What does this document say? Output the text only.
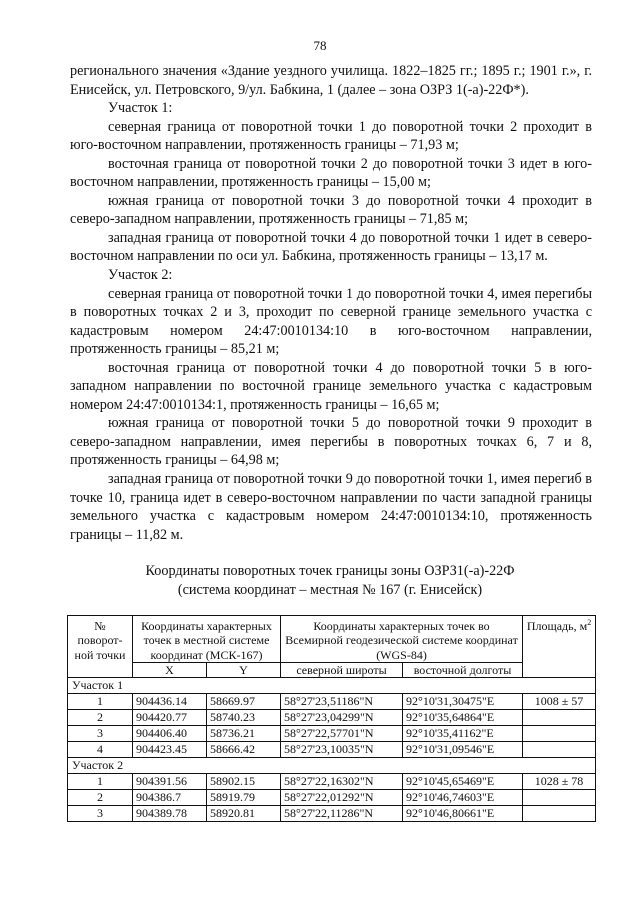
78

регионального значения «Здание уездного училища. 1822–1825 гг.; 1895 г.; 1901 г.», г. Енисейск, ул. Петровского, 9/ул. Бабкина, 1 (далее – зона ОЗРЗ 1(-а)-22Ф*).

Участок 1:

северная граница от поворотной точки 1 до поворотной точки 2 проходит в юго-восточном направлении, протяженность границы – 71,93 м;

восточная граница от поворотной точки 2 до поворотной точки 3 идет в юго-восточном направлении, протяженность границы – 15,00 м;

южная граница от поворотной точки 3 до поворотной точки 4 проходит в северо-западном направлении, протяженность границы – 71,85 м;

западная граница от поворотной точки 4 до поворотной точки 1 идет в северо-восточном направлении по оси ул. Бабкина, протяженность границы – 13,17 м.

Участок 2:

северная граница от поворотной точки 1 до поворотной точки 4, имея перегибы в поворотных точках 2 и 3, проходит по северной границе земельного участка с кадастровым номером 24:47:0010134:10 в юго-восточном направлении, протяженность границы – 85,21 м;

восточная граница от поворотной точки 4 до поворотной точки 5 в юго-западном направлении по восточной границе земельного участка с кадастровым номером 24:47:0010134:1, протяженность границы – 16,65 м;

южная граница от поворотной точки 5 до поворотной точки 9 проходит в северо-западном направлении, имея перегибы в поворотных точках 6, 7 и 8, протяженность границы – 64,98 м;

западная граница от поворотной точки 9 до поворотной точки 1, имея перегиб в точке 10, граница идет в северо-восточном направлении по части западной границы земельного участка с кадастровым номером 24:47:0010134:10, протяженность границы – 11,82 м.

Координаты поворотных точек границы зоны ОЗРЗ1(-а)-22Ф
(система координат – местная № 167 (г. Енисейск)
№ поворот-ной точки	Координаты характерных точек в местной системе координат (МСК-167)		Координаты характерных точек во Всемирной геодезической системе координат (WGS-84)		Площадь, $м^2$
	X	Y	северной широты	восточной долготы	
Участок 1					
1	904436.14	58669.97	58°27'23,51186"N	92°10'31,30475"E	1008 ± 57
2	904420.77	58740.23	58°27'23,04299"N	92°10'35,64864"E	
3	904406.40	58736.21	58°27'22,57701"N	92°10'35,41162"E	
4	904423.45	58666.42	58°27'23,10035"N	92°10'31,09546"E	
Участок 2					
1	904391.56	58902.15	58°27'22,16302"N	92°10'45,65469"E	1028 ± 78
2	904386.7	58919.79	58°27'22,01292"N	92°10'46,74603"E	
3	904389.78	58920.81	58°27'22,11286"N	92°10'46,80661"E	
